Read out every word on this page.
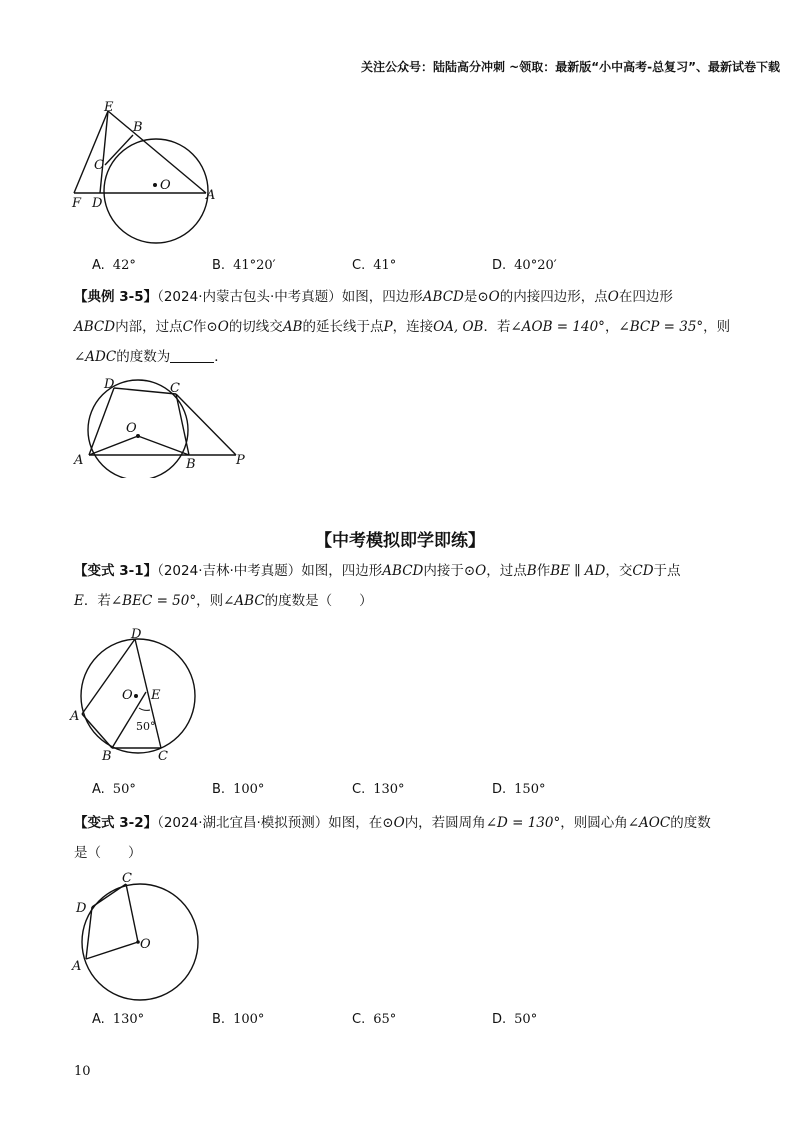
关注公众号：陆陆高分冲刺 ~领取：最新版“小中高考-总复习”、最新试卷下载
E
B
C
O
A
F D
A. 42°	B. 41°20′	C. 41°	D. 40°20′
【典例 3-5】（2024·内蒙古包头·中考真题）如图，四边形ABCD是⊙O的内接四边形，点O在四边形
ABCD内部，过点C作⊙O的切线交AB的延长线于点P，连接OA, OB．若∠AOB = 140°，∠BCP = 35°，则
∠ADC的度数为	．
D	C
O
A	B	P
【中考模拟即学即练】
【变式 3-1】（2024·吉林·中考真题）如图，四边形ABCD内接于⊙O，过点B作BE ∥ AD，交CD于点
E．若∠BEC = 50°，则∠ABC的度数是（　　）
D
O E
A
B	C
50°
A. 50°	B. 100°	C. 130°	D. 150°
【变式 3-2】（2024·湖北宜昌·模拟预测）如图，在⊙O内，若圆周角∠D = 130°，则圆心角∠AOC的度数
是（　　）
C
D
O
A
A. 130°	B. 100°	C. 65°	D. 50°
10
